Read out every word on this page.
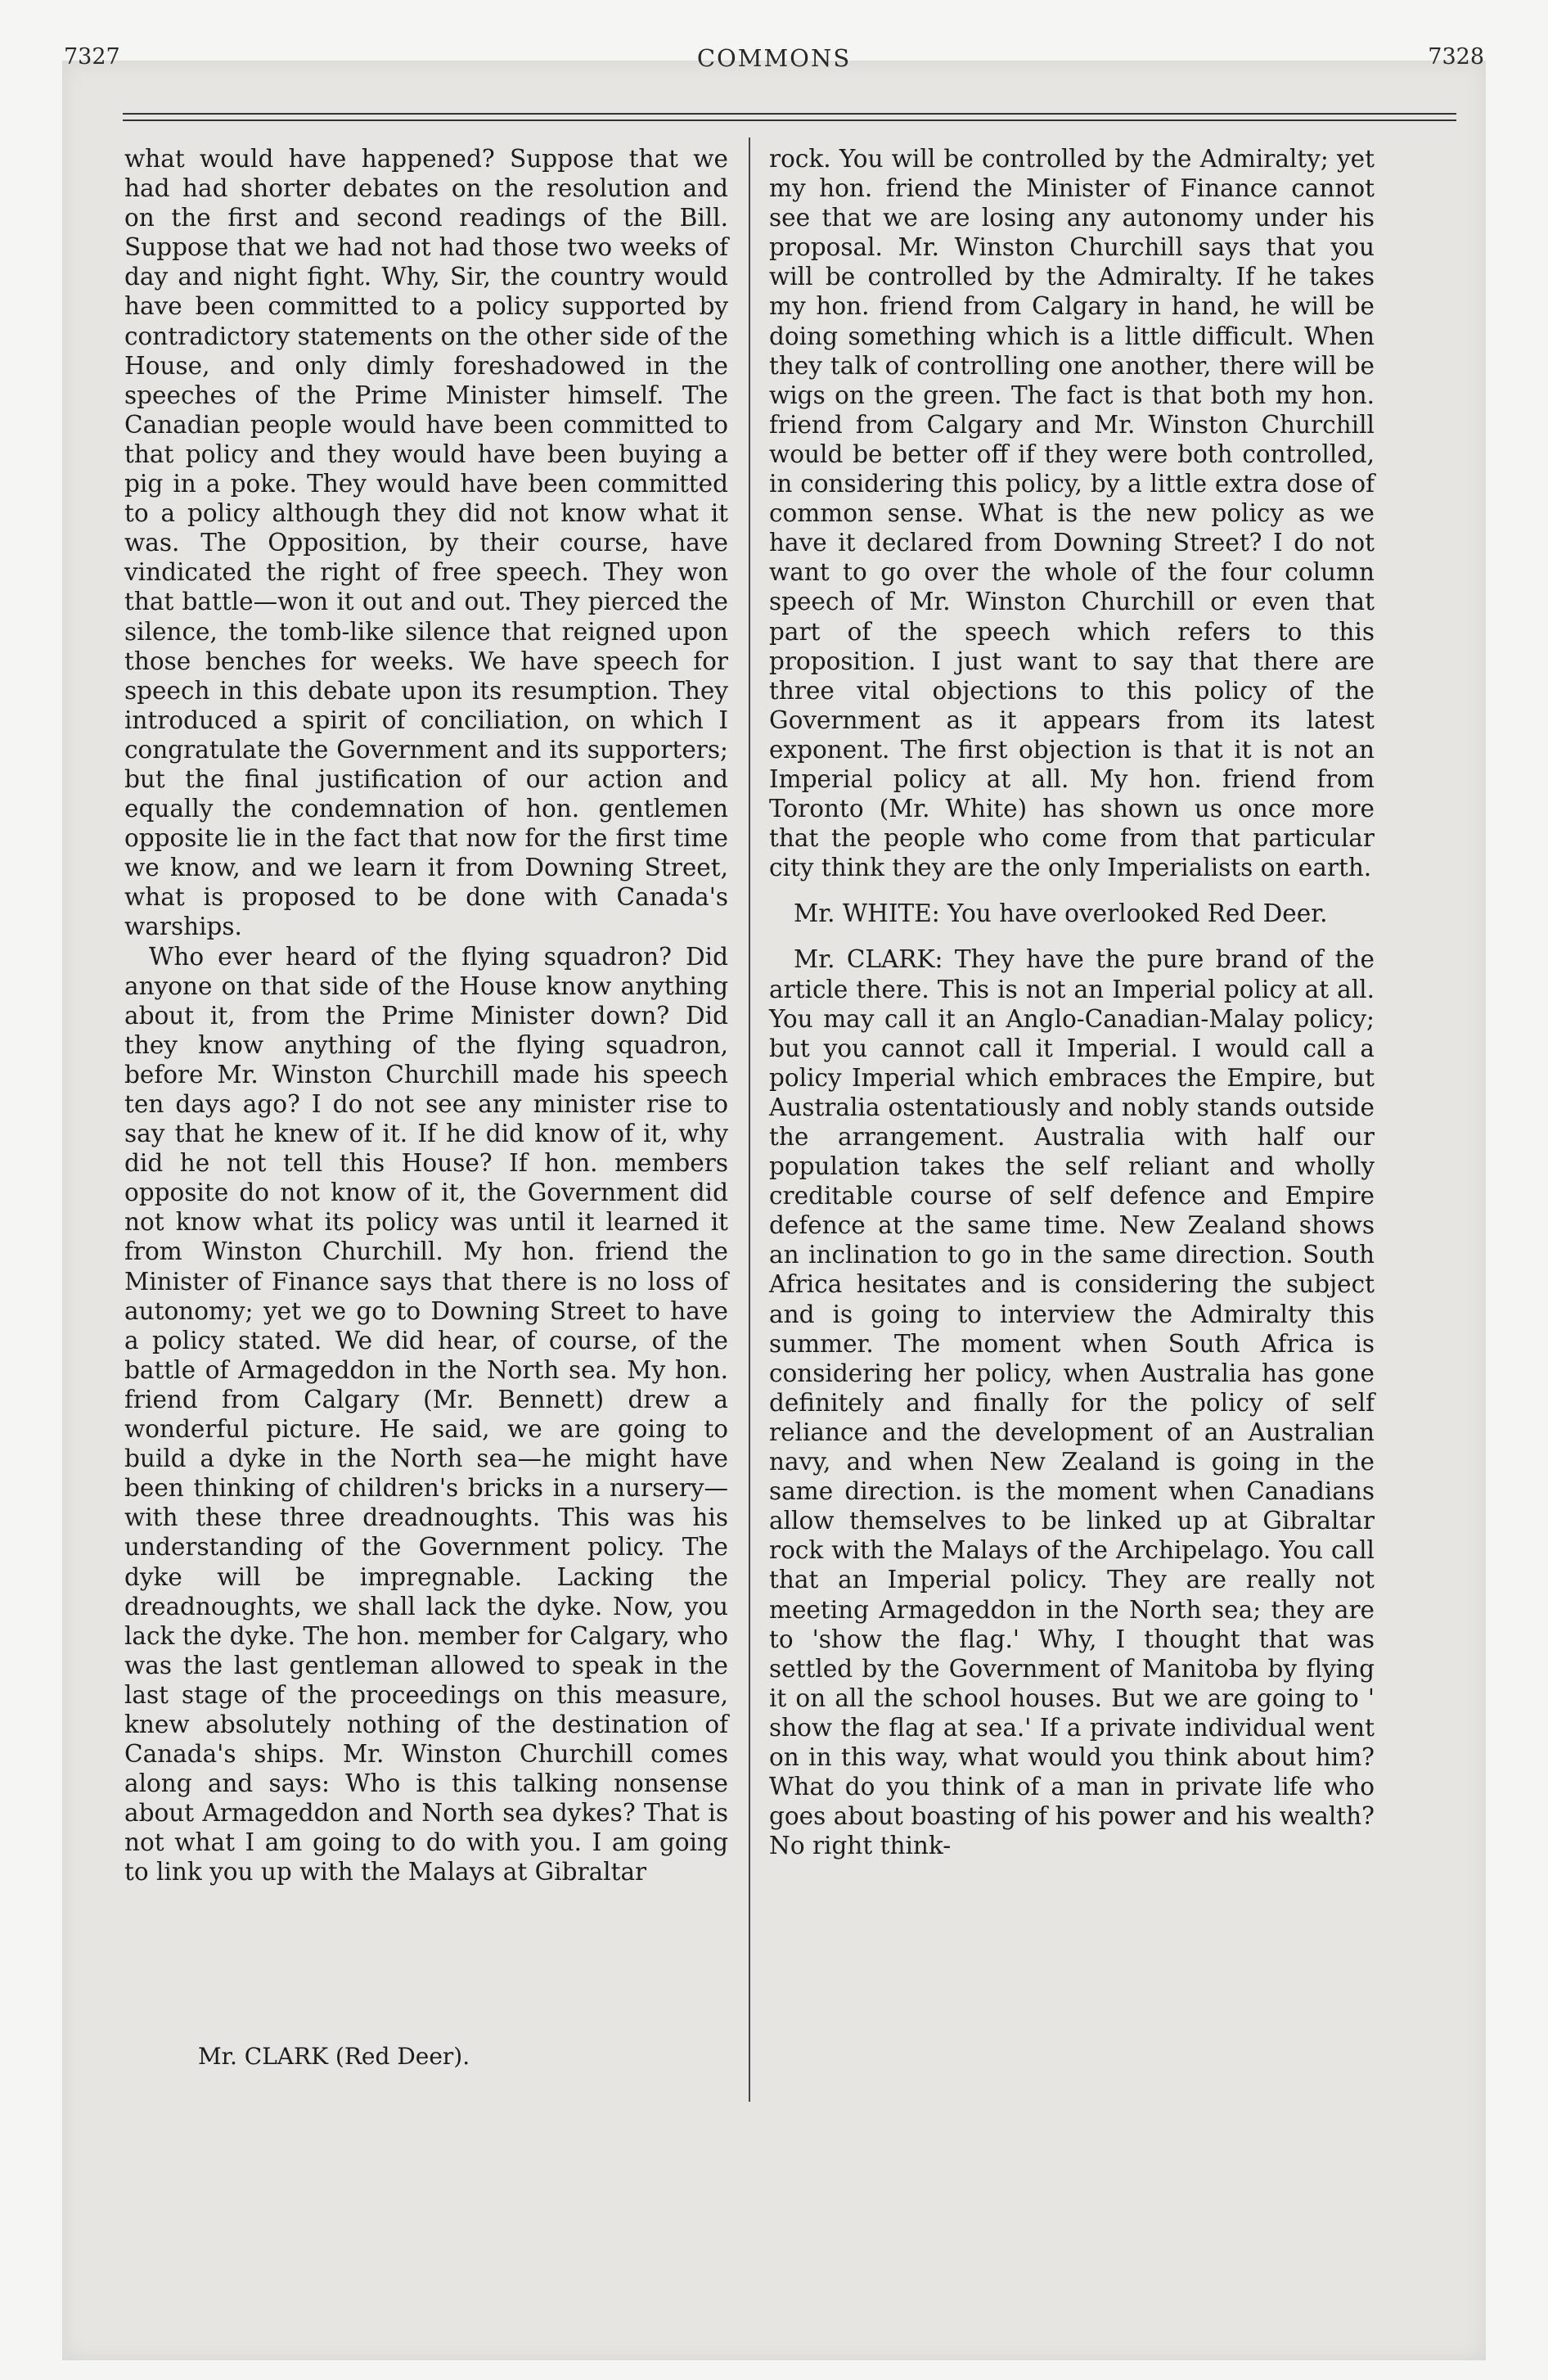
7327	COMMONS	7328

what would have happened? Suppose that we had had shorter debates on the resolution and on the first and second readings of the Bill. Suppose that we had not had those two weeks of day and night fight. Why, Sir, the country would have been committed to a policy supported by contradictory statements on the other side of the House, and only dimly foreshadowed in the speeches of the Prime Minister himself. The Canadian people would have been committed to that policy and they would have been buying a pig in a poke. They would have been committed to a policy although they did not know what it was. The Opposition, by their course, have vindicated the right of free speech. They won that battle—won it out and out. They pierced the silence, the tomb-like silence that reigned upon those benches for weeks. We have speech for speech in this debate upon its resumption. They introduced a spirit of conciliation, on which I congratulate the Government and its supporters; but the final justification of our action and equally the condemnation of hon. gentlemen opposite lie in the fact that now for the first time we know, and we learn it from Downing Street, what is proposed to be done with Canada's warships.

Who ever heard of the flying squadron? Did anyone on that side of the House know anything about it, from the Prime Minister down? Did they know anything of the flying squadron, before Mr. Winston Churchill made his speech ten days ago? I do not see any minister rise to say that he knew of it. If he did know of it, why did he not tell this House? If hon. members opposite do not know of it, the Government did not know what its policy was until it learned it from Winston Churchill. My hon. friend the Minister of Finance says that there is no loss of autonomy; yet we go to Downing Street to have a policy stated. We did hear, of course, of the battle of Armageddon in the North sea. My hon. friend from Calgary (Mr. Bennett) drew a wonderful picture. He said, we are going to build a dyke in the North sea—he might have been thinking of children's bricks in a nursery—with these three dreadnoughts. This was his understanding of the Government policy. The dyke will be impregnable. Lacking the dreadnoughts, we shall lack the dyke. Now, you lack the dyke. The hon. member for Calgary, who was the last gentleman allowed to speak in the last stage of the proceedings on this measure, knew absolutely nothing of the destination of Canada's ships. Mr. Winston Churchill comes along and says: Who is this talking nonsense about Armageddon and North sea dykes? That is not what I am going to do with you. I am going to link you up with the Malays at Gibraltar

rock. You will be controlled by the Admiralty; yet my hon. friend the Minister of Finance cannot see that we are losing any autonomy under his proposal. Mr. Winston Churchill says that you will be controlled by the Admiralty. If he takes my hon. friend from Calgary in hand, he will be doing something which is a little difficult. When they talk of controlling one another, there will be wigs on the green. The fact is that both my hon. friend from Calgary and Mr. Winston Churchill would be better off if they were both controlled, in considering this policy, by a little extra dose of common sense. What is the new policy as we have it declared from Downing Street? I do not want to go over the whole of the four column speech of Mr. Winston Churchill or even that part of the speech which refers to this proposition. I just want to say that there are three vital objections to this policy of the Government as it appears from its latest exponent. The first objection is that it is not an Imperial policy at all. My hon. friend from Toronto (Mr. White) has shown us once more that the people who come from that particular city think they are the only Imperialists on earth.

Mr. WHITE: You have overlooked Red Deer.

Mr. CLARK: They have the pure brand of the article there. This is not an Imperial policy at all. You may call it an Anglo-Canadian-Malay policy; but you cannot call it Imperial. I would call a policy Imperial which embraces the Empire, but Australia ostentatiously and nobly stands outside the arrangement. Australia with half our population takes the self reliant and wholly creditable course of self defence and Empire defence at the same time. New Zealand shows an inclination to go in the same direction. South Africa hesitates and is considering the subject and is going to interview the Admiralty this summer. The moment when South Africa is considering her policy, when Australia has gone definitely and finally for the policy of self reliance and the development of an Australian navy, and when New Zealand is going in the same direction. is the moment when Canadians allow themselves to be linked up at Gibraltar rock with the Malays of the Archipelago. You call that an Imperial policy. They are really not meeting Armageddon in the North sea; they are to 'show the flag.' Why, I thought that was settled by the Government of Manitoba by flying it on all the school houses. But we are going to ' show the flag at sea.' If a private individual went on in this way, what would you think about him? What do you think of a man in private life who goes about boasting of his power and his wealth? No right think-

Mr. CLARK (Red Deer).
